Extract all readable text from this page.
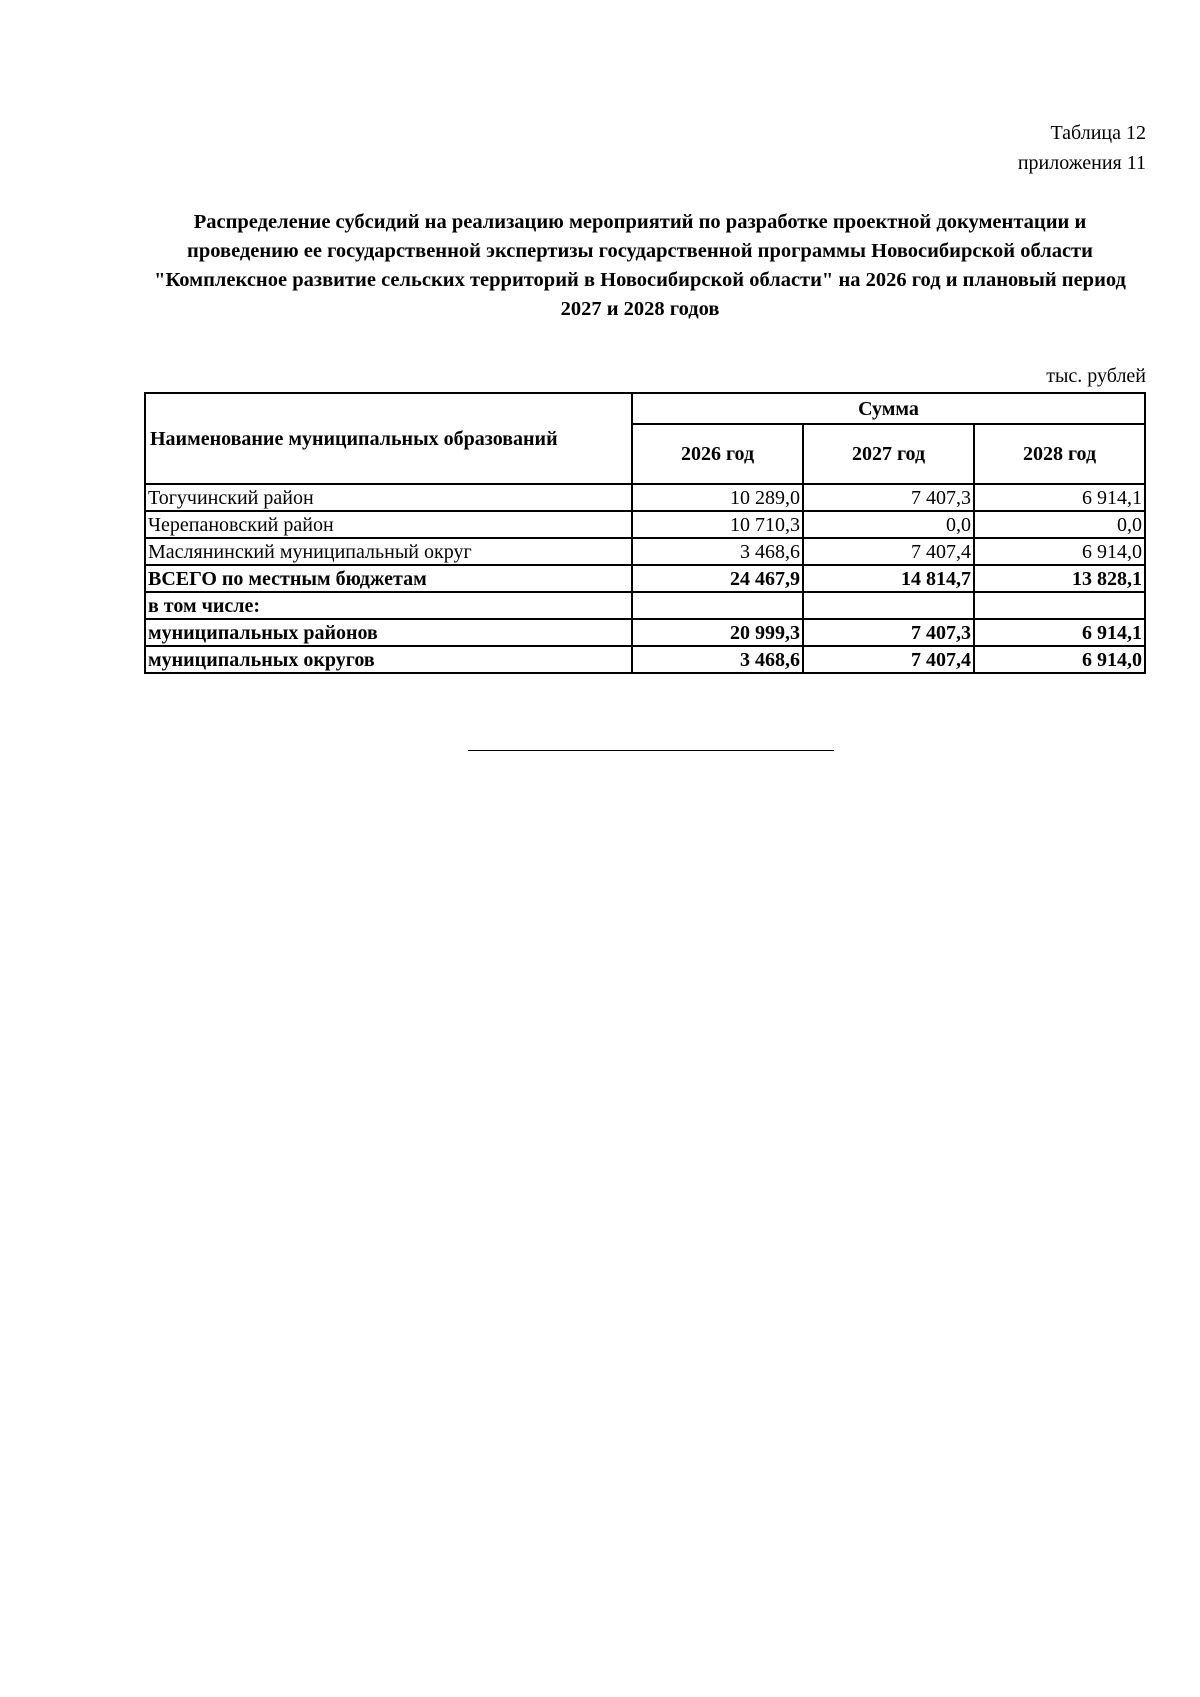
Таблица 12
приложения 11
Распределение субсидий на реализацию мероприятий по разработке проектной документации и проведению ее государственной экспертизы государственной программы Новосибирской области "Комплексное развитие сельских территорий в Новосибирской области" на 2026 год и плановый период 2027 и 2028 годов
тыс. рублей
Наименование муниципальных образований	Сумма		
	2026 год	2027 год	2028 год
Тогучинский район	10 289,0	7 407,3	6 914,1
Черепановский район	10 710,3	0,0	0,0
Маслянинский муниципальный округ	3 468,6	7 407,4	6 914,0
ВСЕГО по местным бюджетам	24 467,9	14 814,7	13 828,1
в том числе:			
муниципальных районов	20 999,3	7 407,3	6 914,1
муниципальных округов	3 468,6	7 407,4	6 914,0
